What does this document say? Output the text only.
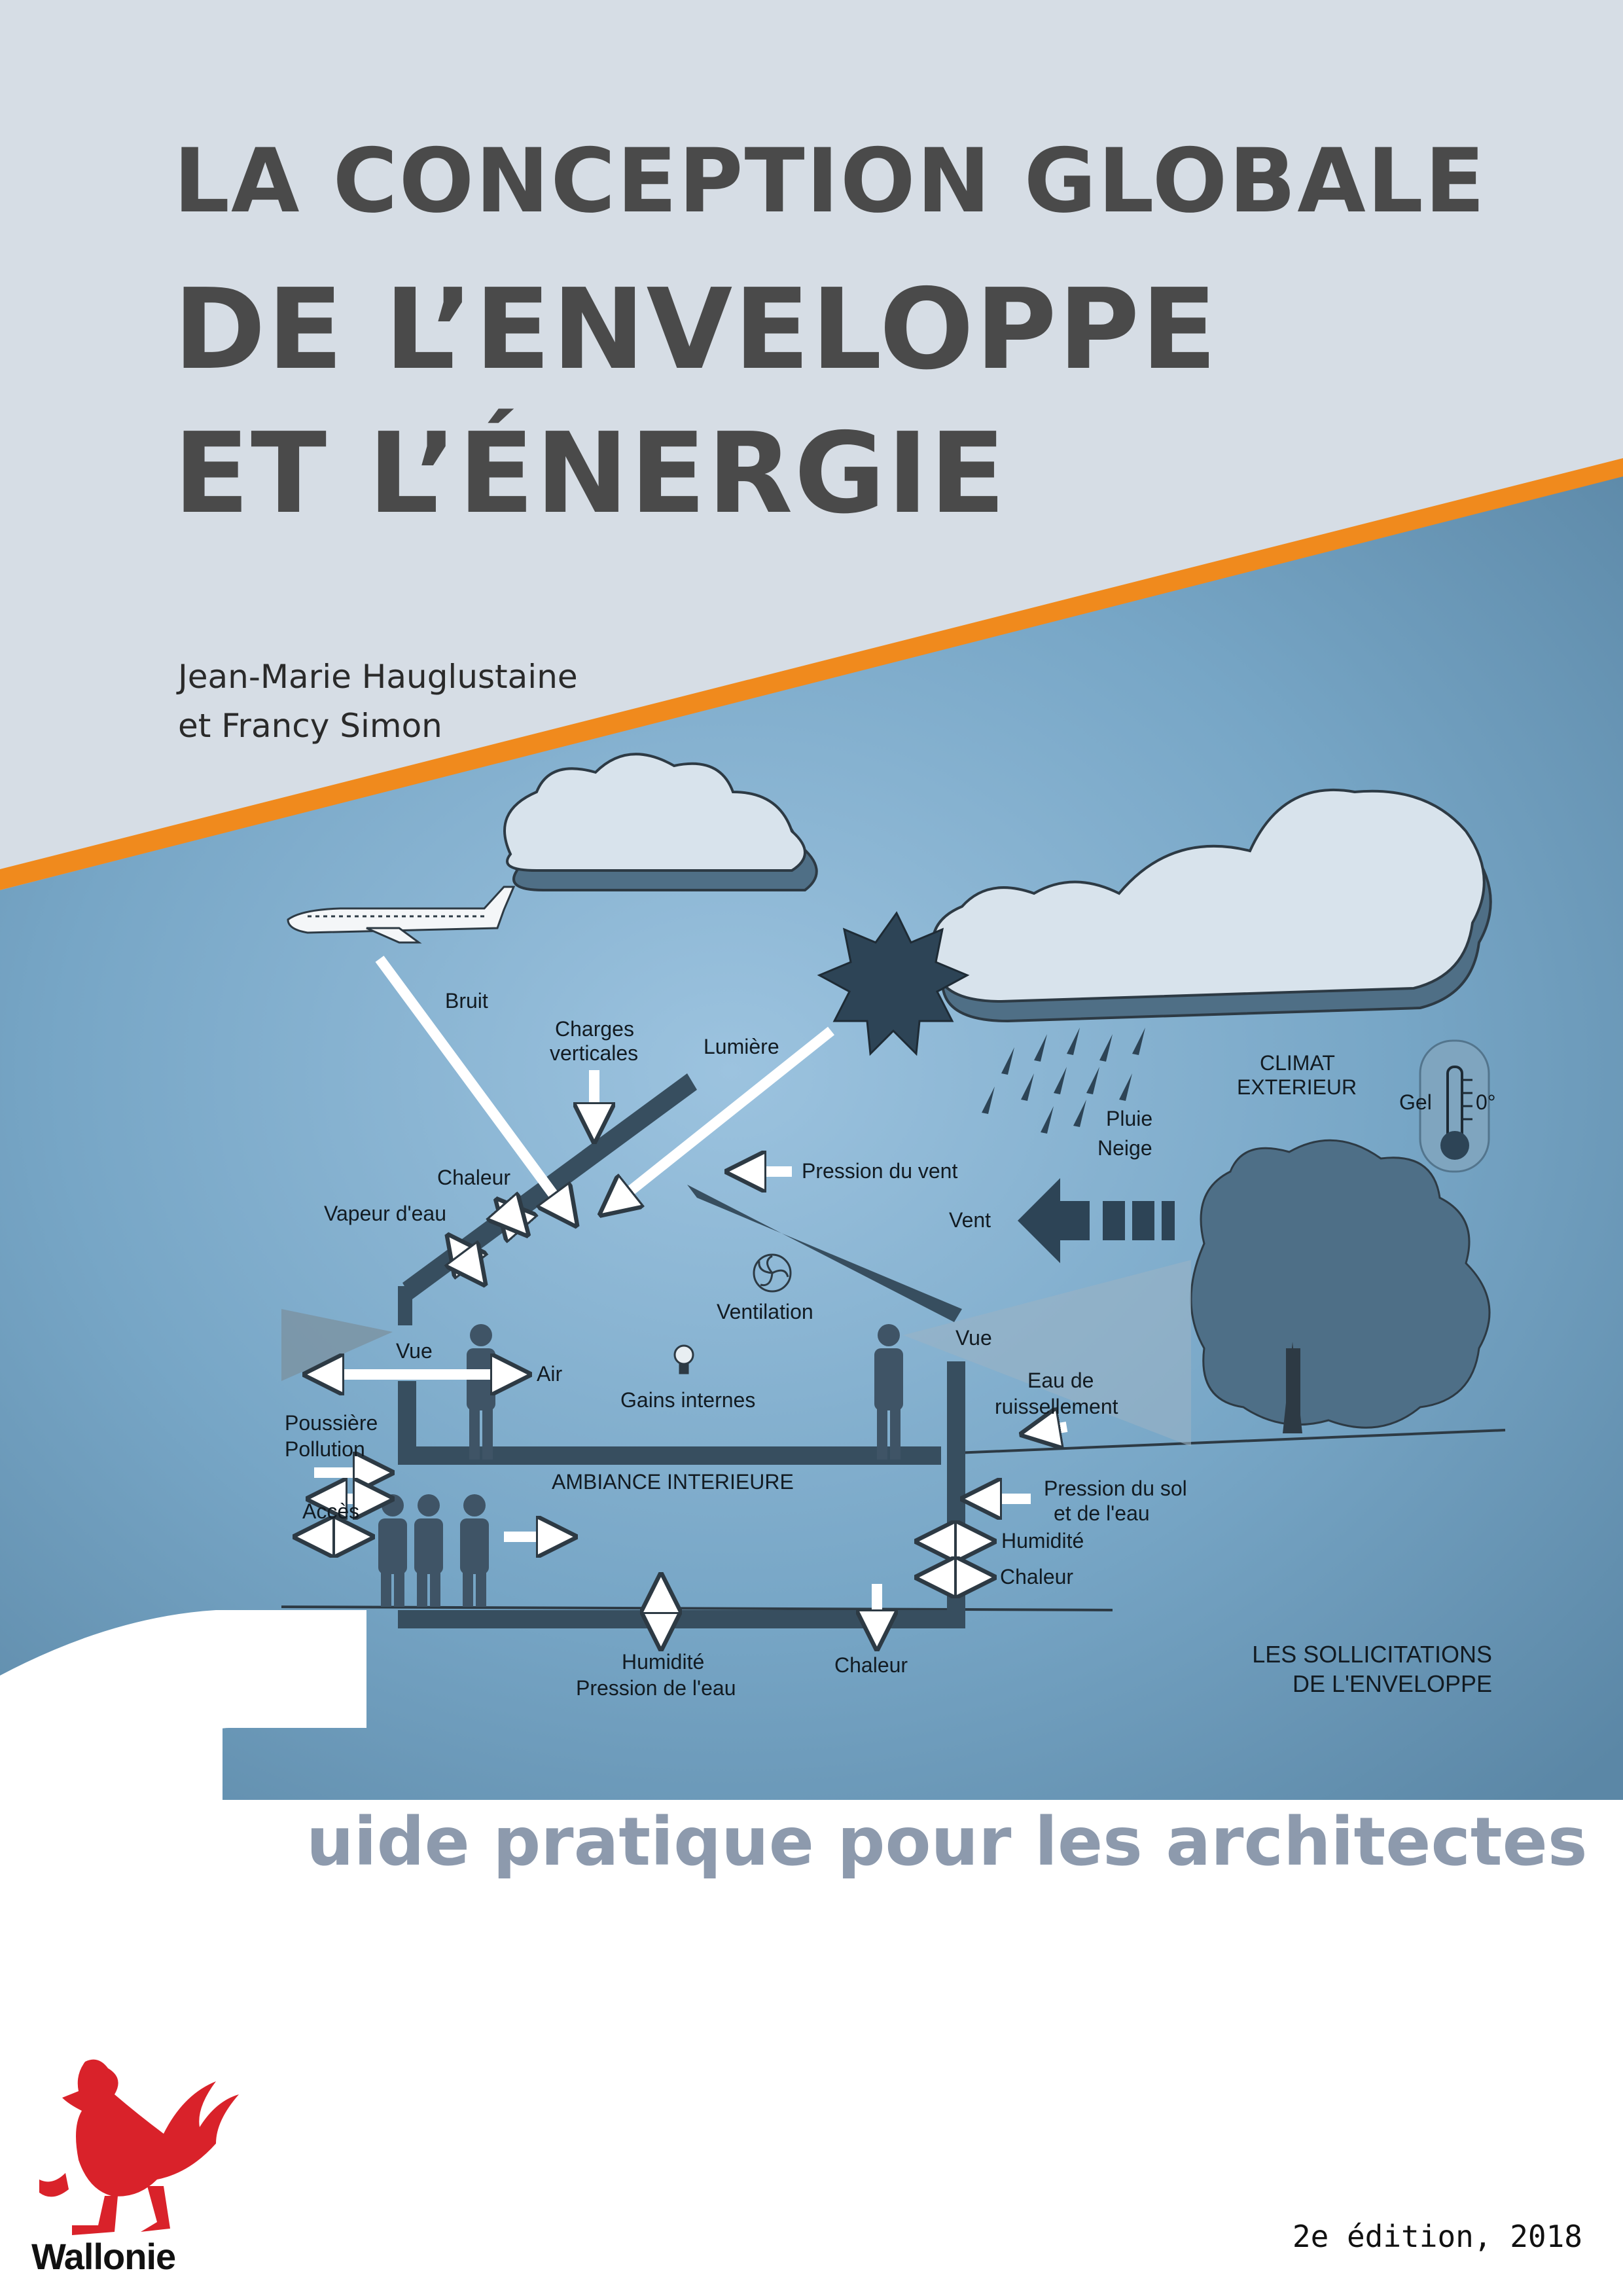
Bruit
Charges
verticales	Lumière
CLIMAT
EXTERIEUR
Gel 0°
Pluie
Neige
Pression du vent
Chaleur
Vapeur d'eau	Vent
Ventilation
Vue
Vue
Air
Gains internes
Eau de
ruissellement
Poussière
Pollution
AMBIANCE INTERIEURE	Pression du sol
et de l'eau
Accès
Humidité
Chaleur
Humidité
Pression de l'eau
Chaleur	LES SOLLICITATIONS
DE L'ENVELOPPE
LA CONCEPTION GLOBALE
DE L’ENVELOPPE
ET L’ÉNERGIE
Jean-Marie Hauglustaine
et Francy Simon
uide pratique pour les architectes
Wallonie	2e édition, 2018
